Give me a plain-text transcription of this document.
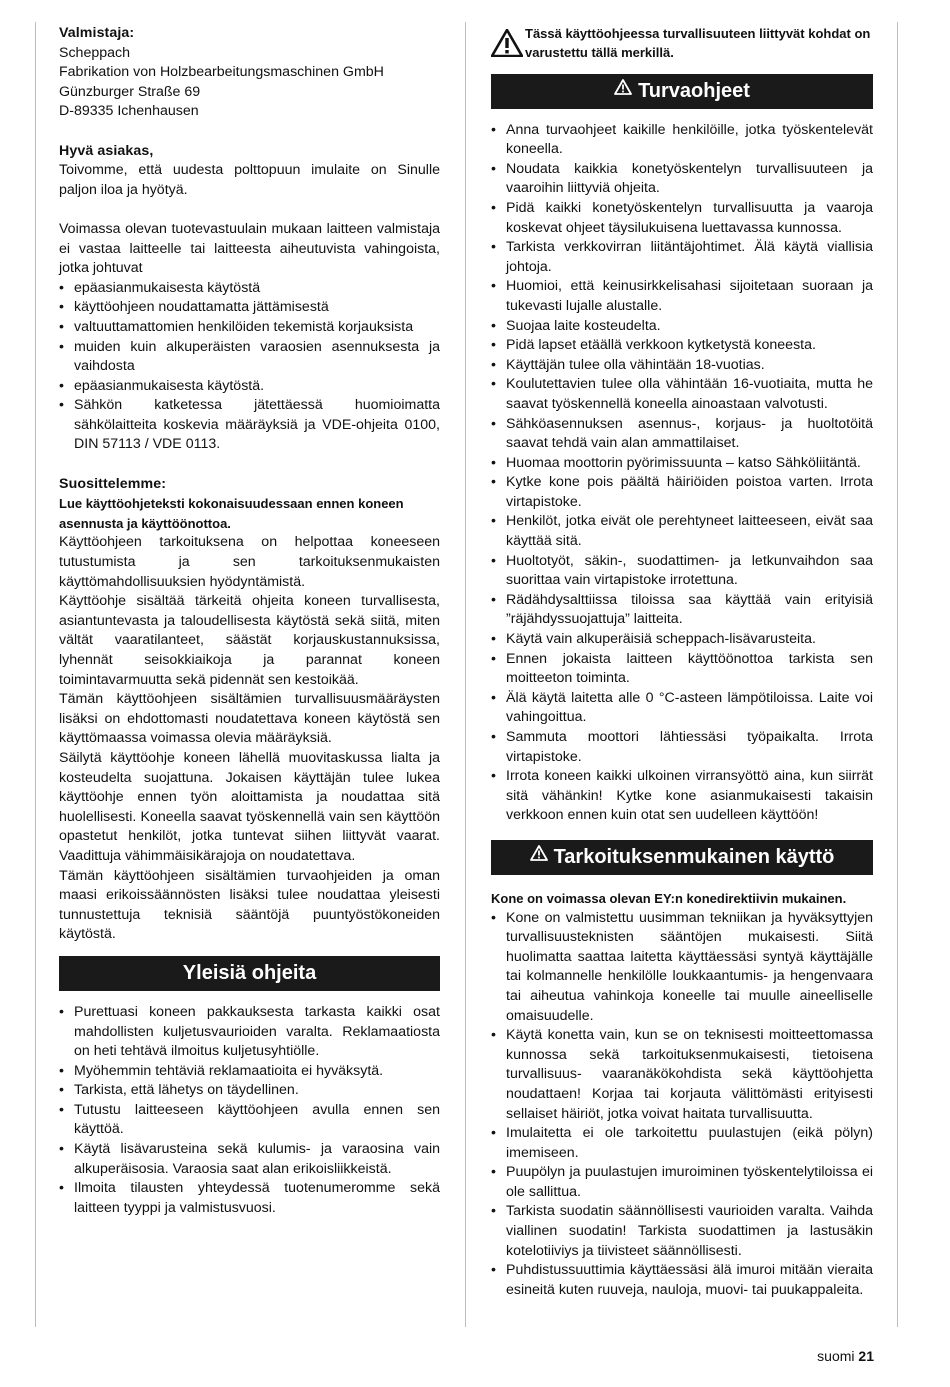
Valmistaja:

Scheppach

Fabrikation von Holzbearbeitungsmaschinen GmbH

Günzburger Straße 69

D-89335 Ichenhausen

Hyvä asiakas,

Toivomme, että uudesta polttopuun imulaite on Sinulle paljon iloa ja hyötyä.

Voimassa olevan tuotevastuulain mukaan laitteen valmistaja ei vastaa laitteelle tai laitteesta aiheutuvista vahingoista, jotka johtuvat

• epäasianmukaisesta käytöstä
• käyttöohjeen noudattamatta jättämisestä
• valtuuttamattomien henkilöiden tekemistä korjauksista
• muiden kuin alkuperäisten varaosien asennuksesta ja vaihdosta
• epäasianmukaisesta käytöstä.
• Sähkön katketessa jätettäessä huomioimatta sähkölaitteita koskevia määräyksiä ja VDE-ohjeita 0100, DIN 57113 / VDE 0113.

Suosittelemme:

Lue käyttöohjeteksti kokonaisuudessaan ennen koneen asennusta ja käyttöönottoa.

Käyttöohjeen tarkoituksena on helpottaa koneeseen tutustumista ja sen tarkoituksenmukaisten käyttömahdollisuuksien hyödyntämistä.

Käyttöohje sisältää tärkeitä ohjeita koneen turvallisesta, asiantuntevasta ja taloudellisesta käytöstä sekä siitä, miten vältät vaaratilanteet, säästät korjauskustannuksissa, lyhennät seisokkiaikoja ja parannat koneen toimintavarmuutta sekä pidennät sen kestoikää.

Tämän käyttöohjeen sisältämien turvallisuusmääräysten lisäksi on ehdottomasti noudatettava koneen käytöstä sen käyttömaassa voimassa olevia määräyksiä.

Säilytä käyttöohje koneen lähellä muovitaskussa lialta ja kosteudelta suojattuna. Jokaisen käyttäjän tulee lukea käyttöohje ennen työn aloittamista ja noudattaa sitä huolellisesti. Koneella saavat työskennellä vain sen käyttöön opastetut henkilöt, jotka tuntevat siihen liittyvät vaarat. Vaadittuja vähimmäisikärajoja on noudatettava.

Tämän käyttöohjeen sisältämien turvaohjeiden ja oman maasi erikoissäännösten lisäksi tulee noudattaa yleisesti tunnustettuja teknisiä sääntöjä puuntyöstökoneiden käytöstä.

Yleisiä ohjeita
• Purettuasi koneen pakkauksesta tarkasta kaikki osat mahdollisten kuljetusvaurioiden varalta. Reklamaatiosta on heti tehtävä ilmoitus kuljetusyhtiölle.
• Myöhemmin tehtäviä reklamaatioita ei hyväksytä.
• Tarkista, että lähetys on täydellinen.
• Tutustu laitteeseen käyttöohjeen avulla ennen sen käyttöä.
• Käytä lisävarusteina sekä kulumis- ja varaosina vain alkuperäisosia. Varaosia saat alan erikoisliikkeistä.
• Ilmoita tilausten yhteydessä tuotenumeromme sekä laitteen tyyppi ja valmistusvuosi.
Tässä käyttöohjeessa turvallisuuteen liittyvät kohdat on varustettu tällä merkillä.
Turvaohjeet
• Anna turvaohjeet kaikille henkilöille, jotka työskentelevät koneella.
• Noudata kaikkia konetyöskentelyn turvallisuuteen ja vaaroihin liittyviä ohjeita.
• Pidä kaikki konetyöskentelyn turvallisuutta ja vaaroja koskevat ohjeet täysilukuisena luettavassa kunnossa.
• Tarkista verkkovirran liitäntäjohtimet. Älä käytä viallisia johtoja.
• Huomioi, että keinusirkkelisahasi sijoitetaan suoraan ja tukevasti lujalle alustalle.
• Suojaa laite kosteudelta.
• Pidä lapset etäällä verkkoon kytketystä koneesta.
• Käyttäjän tulee olla vähintään 18-vuotias.
• Koulutettavien tulee olla vähintään 16-vuotiaita, mutta he saavat työskennellä koneella ainoastaan valvotusti.
• Sähköasennuksen asennus-, korjaus- ja huoltotöitä saavat tehdä vain alan ammattilaiset.
• Huomaa moottorin pyörimissuunta – katso Sähköliitäntä.
• Kytke kone pois päältä häiriöiden poistoa varten. Irrota virtapistoke.
• Henkilöt, jotka eivät ole perehtyneet laitteeseen, eivät saa käyttää sitä.
• Huoltotyöt, säkin-, suodattimen- ja letkunvaihdon saa suorittaa vain virtapistoke irrotettuna.
• Rädähdysalttiissa tiloissa saa käyttää vain erityisiä ”räjähdyssuojattuja” laitteita.
• Käytä vain alkuperäisiä scheppach-lisävarusteita.
• Ennen jokaista laitteen käyttöönottoa tarkista sen moitteeton toiminta.
• Älä käytä laitetta alle 0 °C-asteen lämpötiloissa. Laite voi vahingoittua.
• Sammuta moottori lähtiessäsi työpaikalta. Irrota virtapistoke.
• Irrota koneen kaikki ulkoinen virransyöttö aina, kun siirrät sitä vähänkin! Kytke kone asianmukaisesti takaisin verkkoon ennen kuin otat sen uudelleen käyttöön!
Tarkoituksenmukainen käyttö

Kone on voimassa olevan EY:n konedirektiivin mukainen.

• Kone on valmistettu uusimman tekniikan ja hyväksyttyjen turvallisuusteknisten sääntöjen mukaisesti. Siitä huolimatta saattaa laitetta käyttäessäsi syntyä käyttäjälle tai kolmannelle henkilölle loukkaantumis- ja hengenvaara tai aiheutua vahinkoja koneelle tai muulle aineelliselle omaisuudelle.
• Käytä konetta vain, kun se on teknisesti moitteettomassa kunnossa sekä tarkoituksenmukaisesti, tietoisena turvallisuus- vaaranäkökohdista sekä käyttöohjetta noudattaen! Korjaa tai korjauta välittömästi erityisesti sellaiset häiriöt, jotka voivat haitata turvallisuutta.
• Imulaitetta ei ole tarkoitettu puulastujen (eikä pölyn) imemiseen.
• Puupölyn ja puulastujen imuroiminen työskentelytiloissa ei ole sallittua.
• Tarkista suodatin säännöllisesti vaurioiden varalta. Vaihda viallinen suodatin! Tarkista suodattimen ja lastusäkin kotelotiiviys ja tiivisteet säännöllisesti.
• Puhdistussuuttimia käyttäessäsi älä imuroi mitään vieraita esineitä kuten ruuveja, nauloja, muovi- tai puukappaleita.
suomi 21
